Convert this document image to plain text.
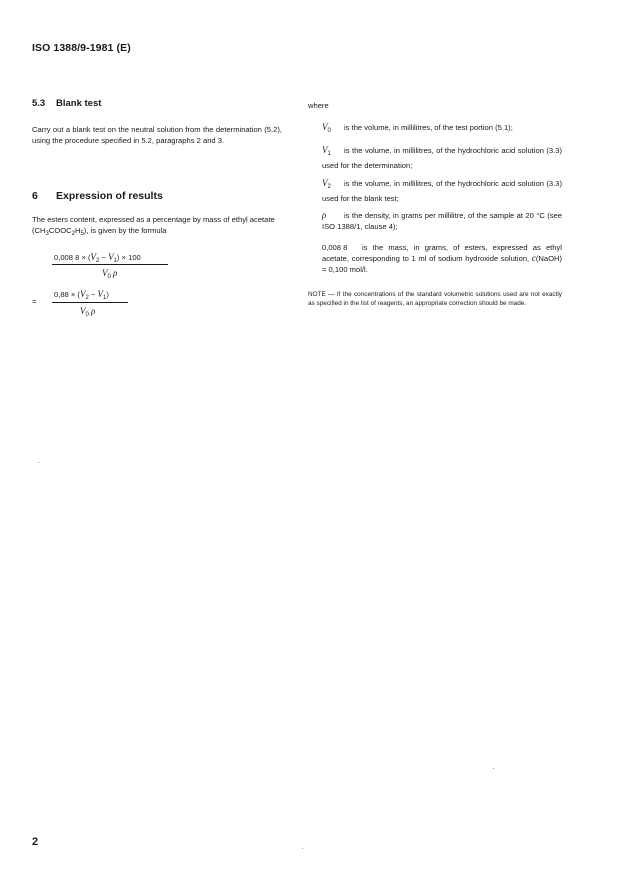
ISO 1388/9-1981 (E)
5.3 Blank test
Carry out a blank test on the neutral solution from the determination (5.2), using the procedure specified in 5.2, paragraphs 2 and 3.
6 Expression of results
The esters content, expressed as a percentage by mass of ethyl acetate $(CH_3COOC_2H_5)$, is given by the formula
0,008 $8 \times (V_2 - V_1) \times 100$
$V_0$ ρ
=
$0,88 \times (V_2 - V_1)$
$V_0$ ρ
where
$V_0$ is the volume, in millilitres, of the test portion (5.1);
$V_1$ is the volume, in millilitres, of the hydrochloric acid solution (3.3) used for the determination;
$V_2$ is the volume, in millilitres, of the hydrochloric acid solution (3.3) used for the blank test;
ρ is the density, in grams per millilitre, of the sample at 20 °C (see ISO 1388/1, clause 4);
0,008 8 is the mass, in grams, of esters, expressed as ethyl acetate, corresponding to 1 ml of sodium hydroxide solution, c(NaOH) = 0,100 mol/l.
NOTE — If the concentrations of the standard volumetric solutions used are not exactly as specified in the list of reagents, an appropriate correction should be made.
2
